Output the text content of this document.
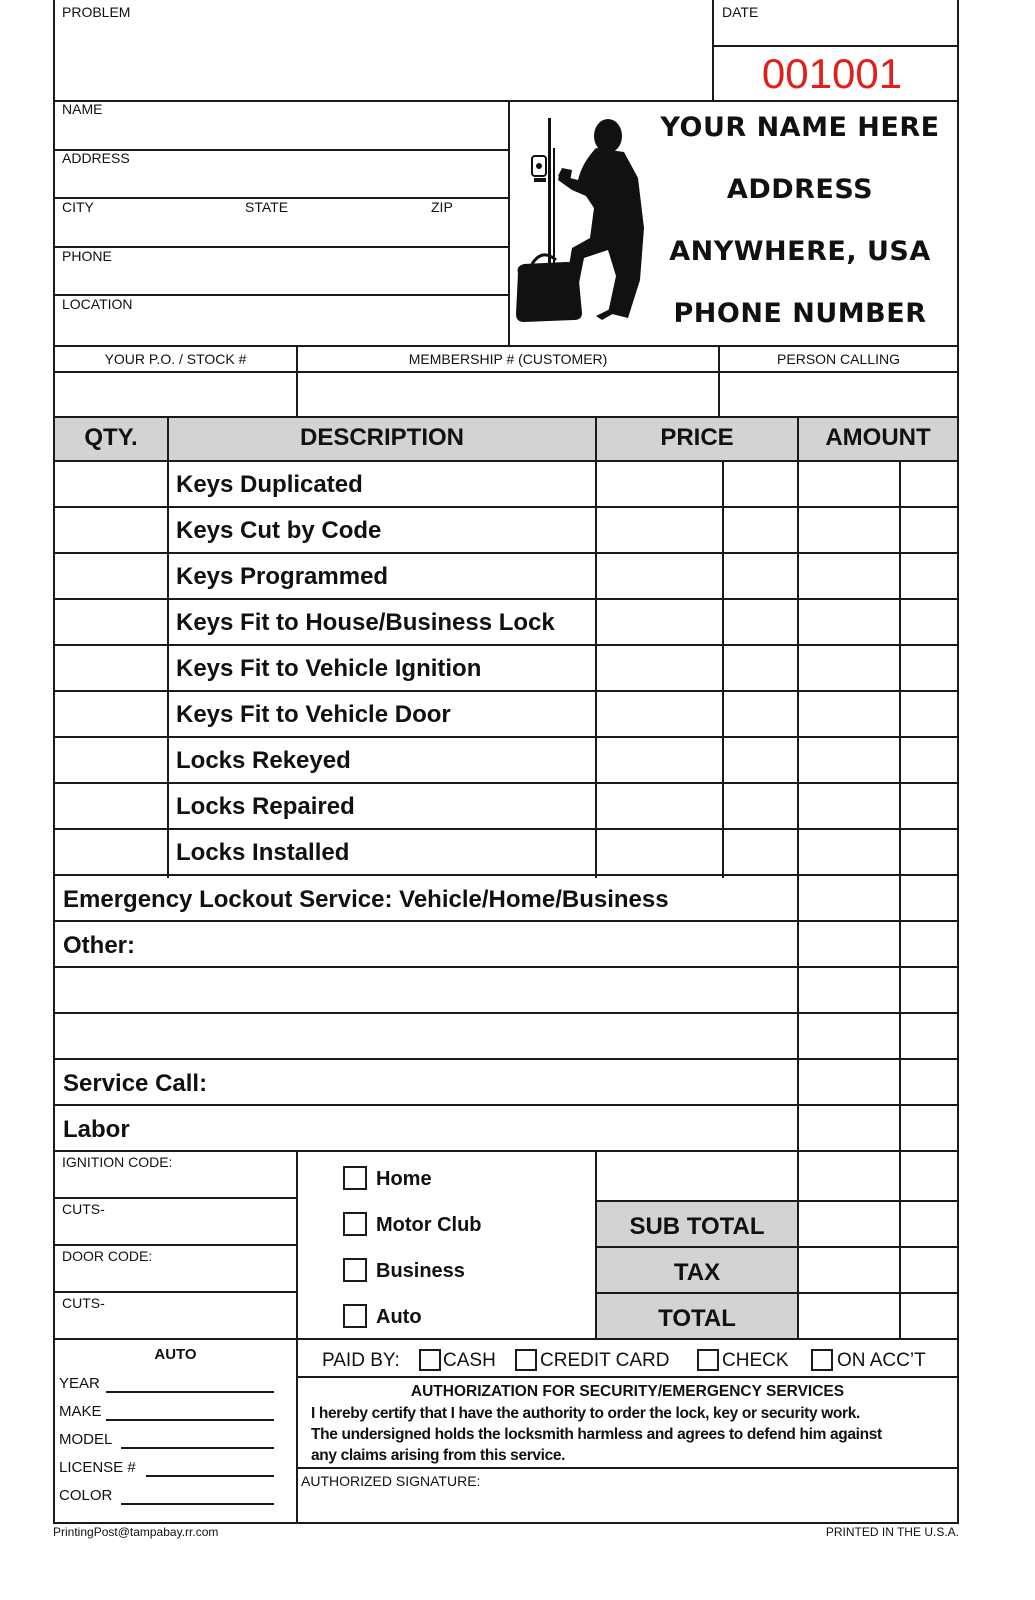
PROBLEM	DATE
001001
NAME
ADDRESS
CITY	STATE	ZIP
PHONE
LOCATION
YOUR NAME HERE
ADDRESS
ANYWHERE, USA
PHONE NUMBER
YOUR P.O. / STOCK #	MEMBERSHIP # (CUSTOMER)	PERSON CALLING
QTY.	DESCRIPTION	PRICE	AMOUNT
Keys Duplicated
Keys Cut by Code
Keys Programmed
Keys Fit to House/Business Lock
Keys Fit to Vehicle Ignition
Keys Fit to Vehicle Door
Locks Rekeyed
Locks Repaired
Locks Installed
Emergency Lockout Service: Vehicle/Home/Business
Other:
Service Call:
Labor
IGNITION CODE:
CUTS-
DOOR CODE:
CUTS-
Home
Motor Club
Business
Auto
SUB TOTAL
TAX
TOTAL
AUTO
YEAR
MAKE
MODEL
LICENSE #
COLOR
PAID BY: CASH CREDIT CARD	CHECK	ON ACC’T
AUTHORIZATION FOR SECURITY/EMERGENCY SERVICES
I hereby certify that I have the authority to order the lock, key or security work.
The undersigned holds the locksmith harmless and agrees to defend him against
any claims arising from this service.
AUTHORIZED SIGNATURE:
PrintingPost@tampabay.rr.com	PRINTED IN THE U.S.A.
